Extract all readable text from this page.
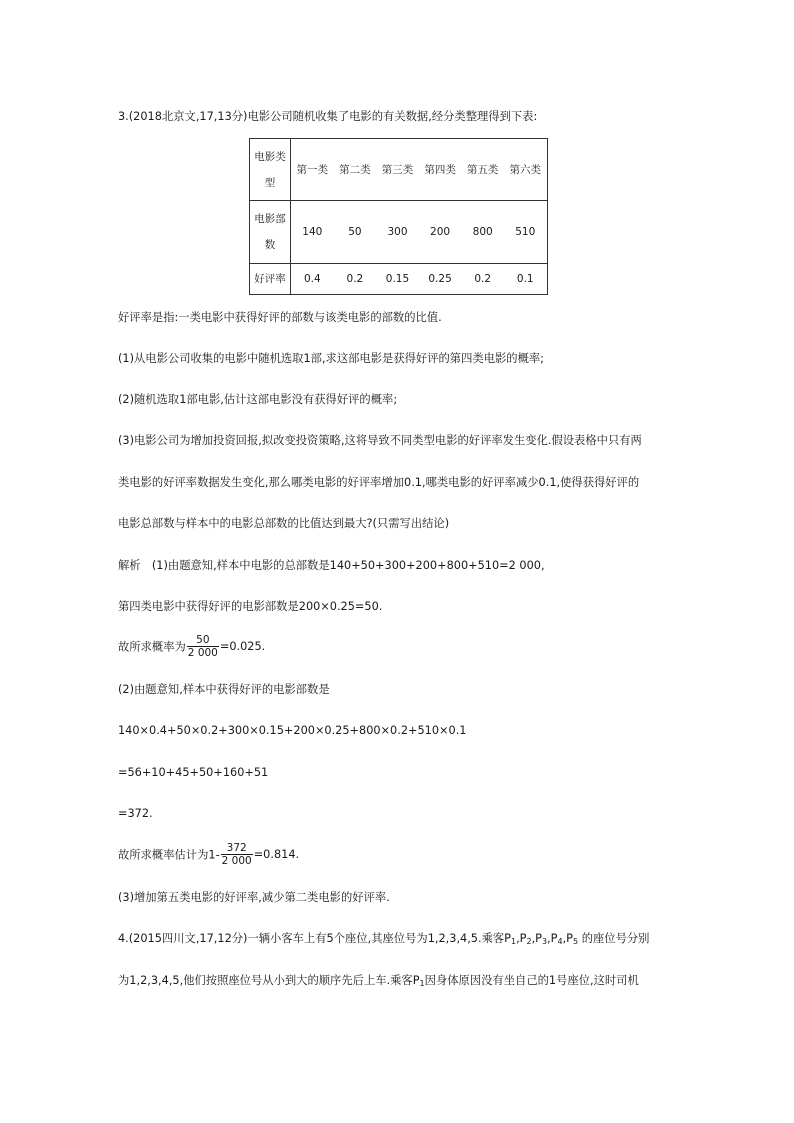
3.(2018北京文,17,13分)电影公司随机收集了电影的有关数据,经分类整理得到下表:

电影类
型	第一类	第二类	第三类	第四类	第五类	第六类
电影部
数	140	50	300	200	800	510
好评率	0.4	0.2	0.15	0.25	0.2	0.1

好评率是指:一类电影中获得好评的部数与该类电影的部数的比值.

(1)从电影公司收集的电影中随机选取1部,求这部电影是获得好评的第四类电影的概率;

(2)随机选取1部电影,估计这部电影没有获得好评的概率;

(3)电影公司为增加投资回报,拟改变投资策略,这将导致不同类型电影的好评率发生变化.假设表格中只有两

类电影的好评率数据发生变化,那么哪类电影的好评率增加0.1,哪类电影的好评率减少0.1,使得获得好评的

电影总部数与样本中的电影总部数的比值达到最大?(只需写出结论)

解析　(1)由题意知,样本中电影的总部数是140+50+300+200+800+510=2 000,

第四类电影中获得好评的电影部数是200×0.25=50.

故所求概率为 $\frac{50}{2 000} =0.025$.

(2)由题意知,样本中获得好评的电影部数是

140×0.4+50×0.2+300×0.15+200×0.25+800×0.2+510×0.1

=56+10+45+50+160+51

=372.

故所求概率估计为$1- \frac{372}{2 000} =0.814$.

(3)增加第五类电影的好评率,减少第二类电影的好评率.

4.(2015四川文,17,12分)一辆小客车上有5个座位,其座位号为1,2,3,4,5.乘客$P_1,P_2,P_3,P_4,P_5$ 的座位号分别

为1,2,3,4,5,他们按照座位号从小到大的顺序先后上车.乘客$P_1$因身体原因没有坐自己的1号座位,这时司机
